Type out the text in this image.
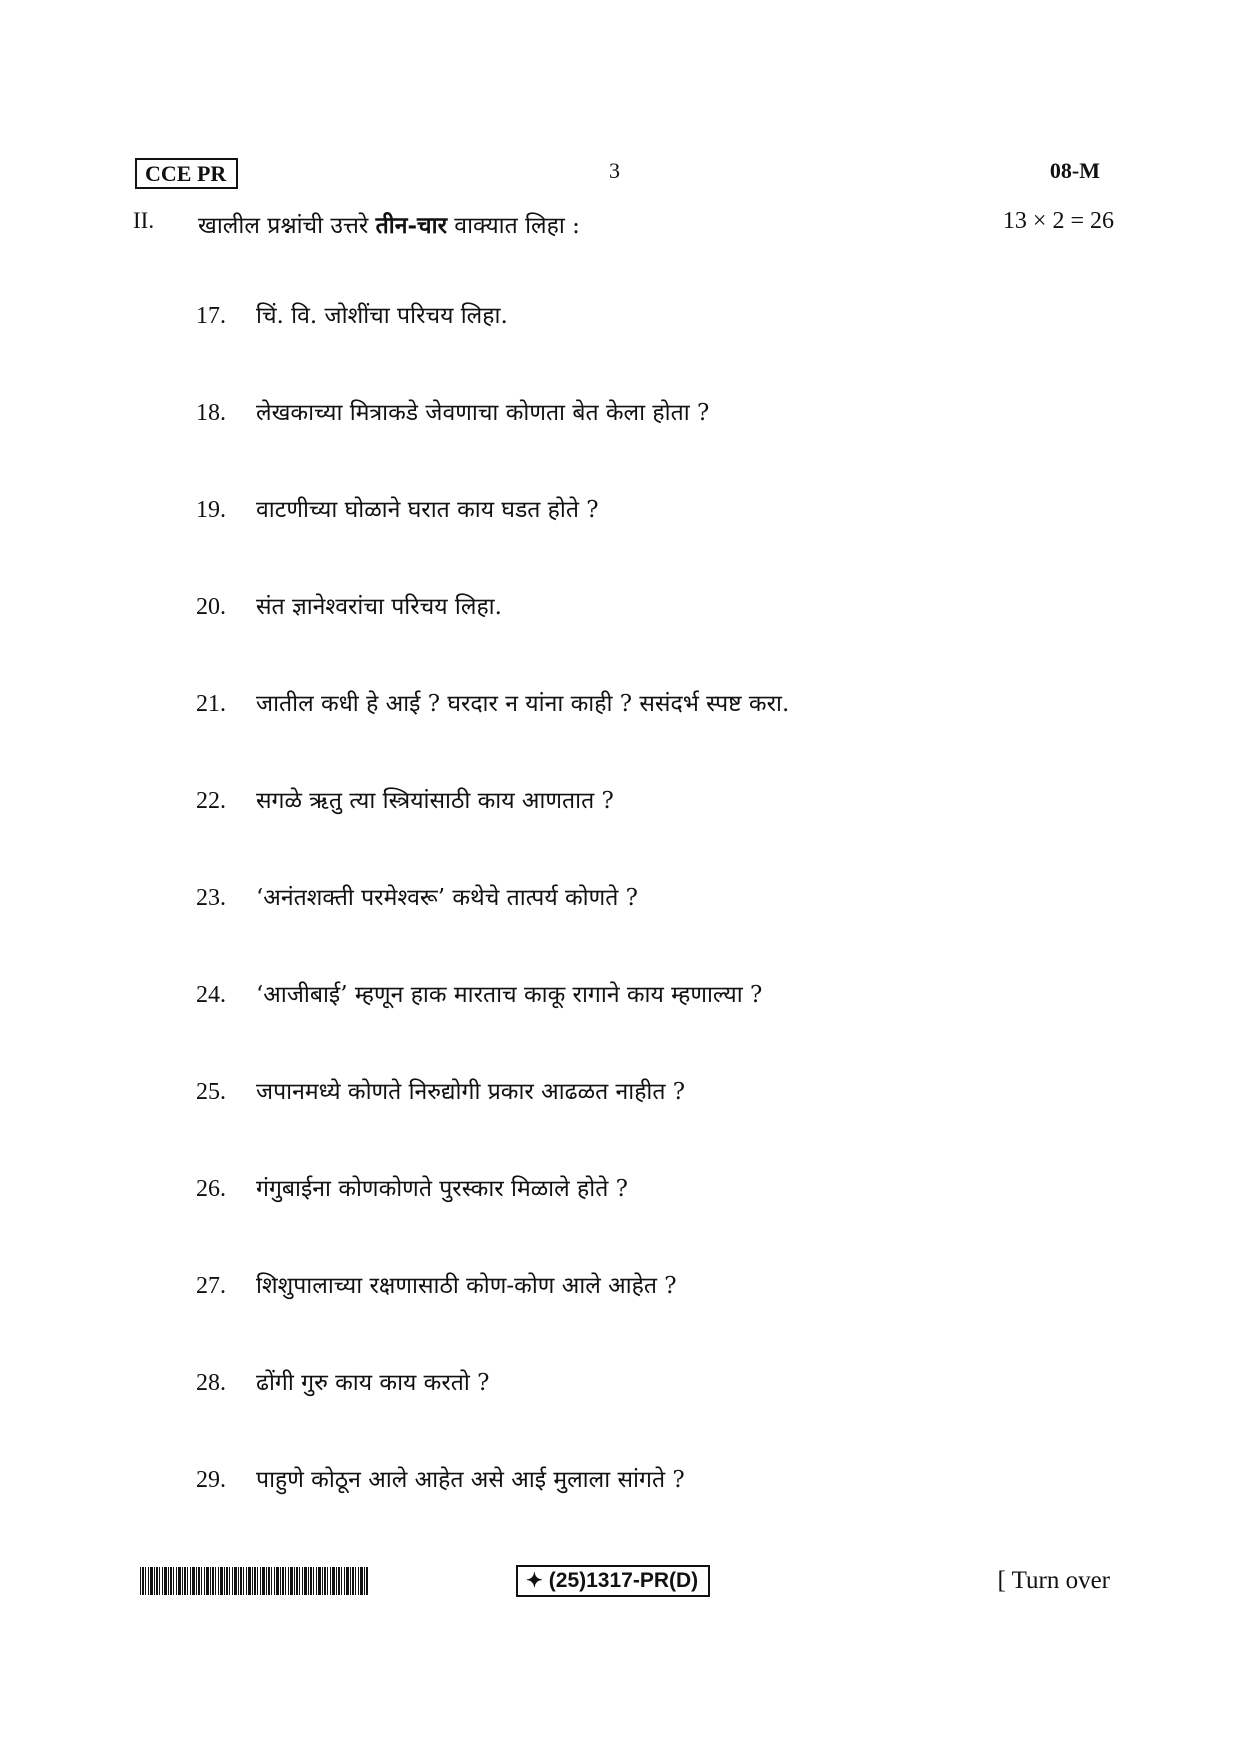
CCE PR	3	08-M
II. खालील प्रश्नांची उत्तरे तीन-चार वाक्यात लिहा :	13 × 2 = 26
17. चिं. वि. जोशींचा परिचय लिहा.
18. लेखकाच्या मित्राकडे जेवणाचा कोणता बेत केला होता ?
19. वाटणीच्या घोळाने घरात काय घडत होते ?
20. संत ज्ञानेश्वरांचा परिचय लिहा.
21. जातील कधी हे आई ? घरदार न यांना काही ? ससंदर्भ स्पष्ट करा.
22. सगळे ऋतु त्या स्त्रियांसाठी काय आणतात ?
23. ‘अनंतशक्ती परमेश्वरू’ कथेचे तात्पर्य कोणते ?
24. ‘आजीबाई’ म्हणून हाक मारताच काकू रागाने काय म्हणाल्या ?
25. जपानमध्ये कोणते निरुद्योगी प्रकार आढळत नाहीत ?
26. गंगुबाईना कोणकोणते पुरस्कार मिळाले होते ?
27. शिशुपालाच्या रक्षणासाठी कोण-कोण आले आहेत ?
28. ढोंगी गुरु काय काय करतो ?
29. पाहुणे कोठून आले आहेत असे आई मुलाला सांगते ?
✦ (25)1317-PR(D)	[ Turn over
